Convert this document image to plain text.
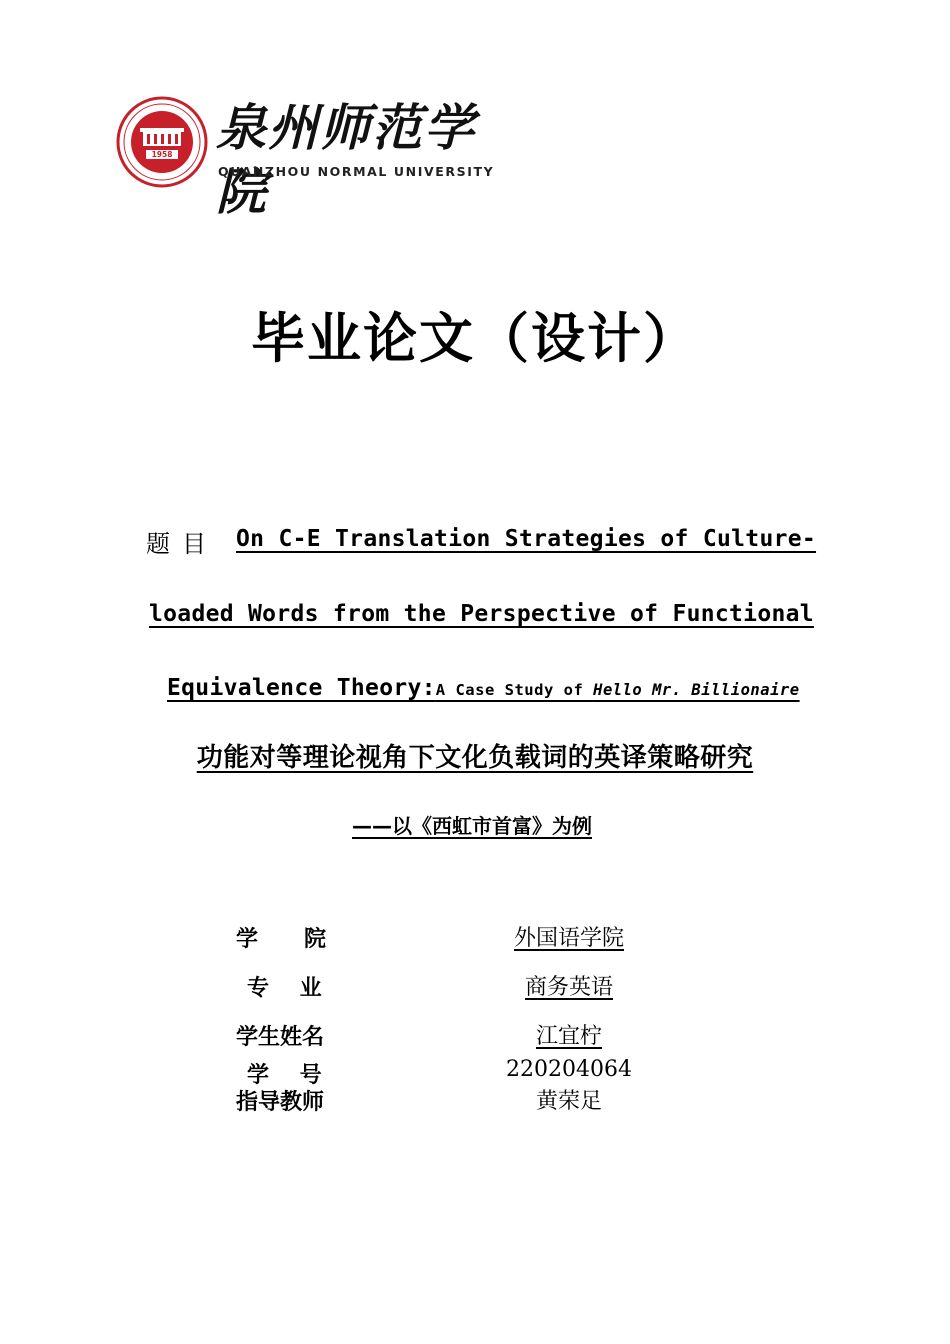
1958 泉州师范学院
QUANZHOU NORMAL UNIVERSITY
毕业论文（设计）
题目 On C-E Translation Strategies of Culture-
loaded Words from the Perspective of Functional
Equivalence Theory:A Case Study of Hello Mr. Billionaire
功能对等理论视角下文化负载词的英译策略研究
——以《西虹市首富》为例
学      院	外国语学院
专    业	商务英语
学生姓名	江宜柠
学    号	220204064
指导教师	黄荣足
